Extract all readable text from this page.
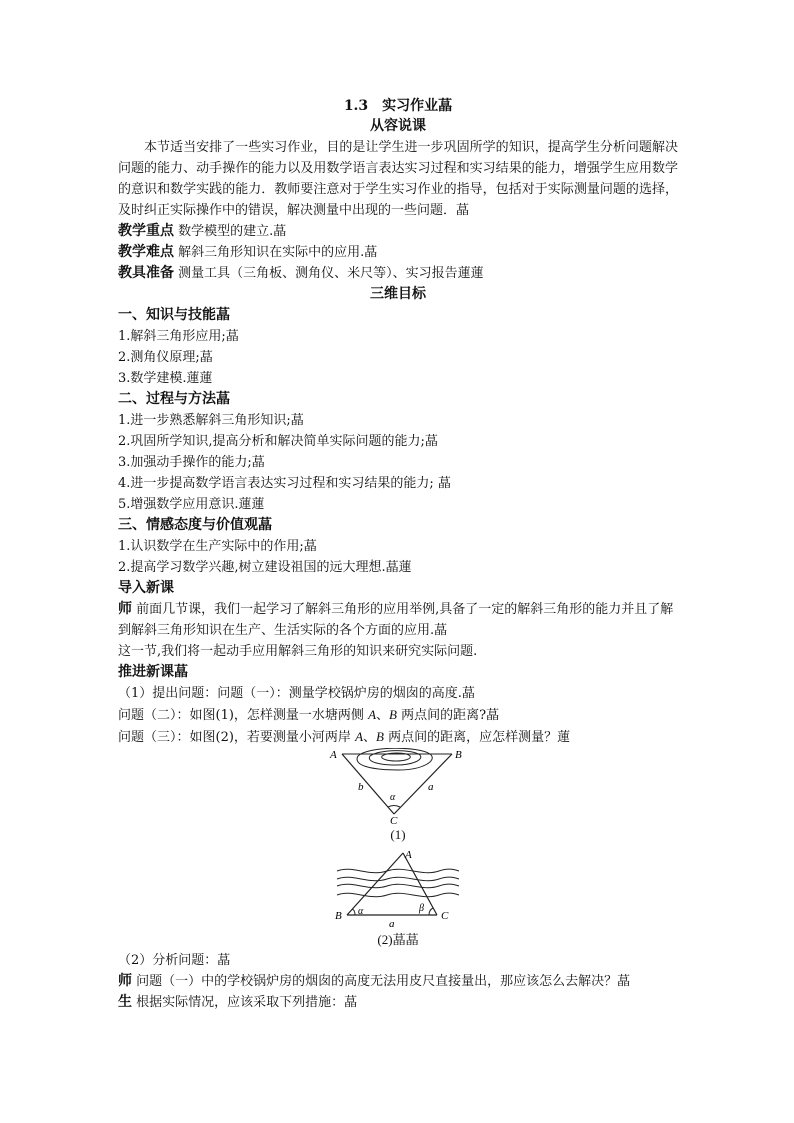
1.3　实习作业蕌
从容说课
本节适当安排了一些实习作业，目的是让学生进一步巩固所学的知识，提高学生分析问题解决问题的能力、动手操作的能力以及用数学语言表达实习过程和实习结果的能力，增强学生应用数学的意识和数学实践的能力．教师要注意对于学生实习作业的指导，包括对于实际测量问题的选择，及时纠正实际操作中的错误，解决测量中出现的一些问题．蕌
教学重点 数学模型的建立.蕌
教学难点 解斜三角形知识在实际中的应用.蕌
教具准备 测量工具（三角板、测角仪、米尺等）、实习报告蓮蓮
三维目标
一、知识与技能蕌
1.解斜三角形应用;蕌
2.测角仪原理;蕌
3.数学建模.蓮蓮
二、过程与方法蕌
1.进一步熟悉解斜三角形知识;蕌
2.巩固所学知识,提高分析和解决简单实际问题的能力;蕌
3.加强动手操作的能力;蕌
4.进一步提高数学语言表达实习过程和实习结果的能力; 蕌
5.增强数学应用意识.蓮蓮
三、情感态度与价值观蕌
1.认识数学在生产实际中的作用;蕌
2.提高学习数学兴趣,树立建设祖国的远大理想.蕌蓮
导入新课
师 前面几节课，我们一起学习了解斜三角形的应用举例,具备了一定的解斜三角形的能力并且了解到解斜三角形知识在生产、生活实际的各个方面的应用.蕌
这一节,我们将一起动手应用解斜三角形的知识来研究实际问题.
推进新课蕌
（1）提出问题：问题（一）：测量学校锅炉房的烟囱的高度.蕌
问题（二）：如图(1)，怎样测量一水塘两侧 A、B 两点间的距离?蕌
问题（三）：如图(2)，若要测量小河两岸 A、B 两点间的距离，应怎样测量？蓮
A	B
C
b	a
α
(1)
A
B	C
α	β
a
(2)蕌蕌
（2）分析问题：蕌
师 问题（一）中的学校锅炉房的烟囱的高度无法用皮尺直接量出，那应该怎么去解决？蕌
生 根据实际情况，应该采取下列措施：蕌
